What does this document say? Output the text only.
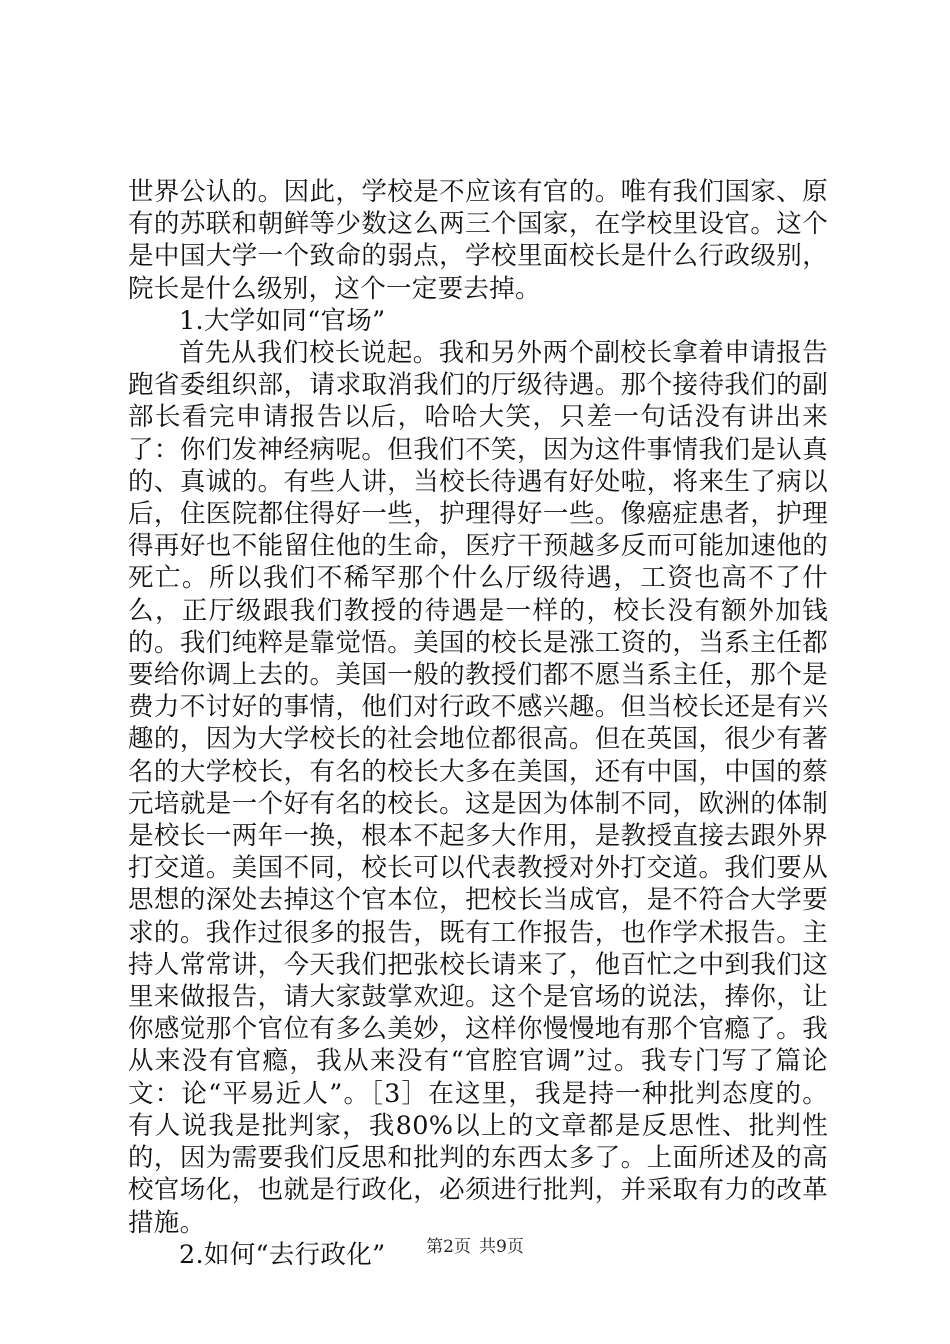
世界公认的。因此，学校是不应该有官的。唯有我们国家、原有的苏联和朝鲜等少数这么两三个国家，在学校里设官。这个是中国大学一个致命的弱点，学校里面校长是什么行政级别，院长是什么级别，这个一定要去掉。

1.大学如同“官场”

首先从我们校长说起。我和另外两个副校长拿着申请报告跑省委组织部，请求取消我们的厅级待遇。那个接待我们的副部长看完申请报告以后，哈哈大笑，只差一句话没有讲出来了：你们发神经病呢。但我们不笑，因为这件事情我们是认真的、真诚的。有些人讲，当校长待遇有好处啦，将来生了病以后，住医院都住得好一些，护理得好一些。像癌症患者，护理得再好也不能留住他的生命，医疗干预越多反而可能加速他的死亡。所以我们不稀罕那个什么厅级待遇，工资也高不了什么，正厅级跟我们教授的待遇是一样的，校长没有额外加钱的。我们纯粹是靠觉悟。美国的校长是涨工资的，当系主任都要给你调上去的。美国一般的教授们都不愿当系主任，那个是费力不讨好的事情，他们对行政不感兴趣。但当校长还是有兴趣的，因为大学校长的社会地位都很高。但在英国，很少有著名的大学校长，有名的校长大多在美国，还有中国，中国的蔡元培就是一个好有名的校长。这是因为体制不同，欧洲的体制是校长一两年一换，根本不起多大作用，是教授直接去跟外界打交道。美国不同，校长可以代表教授对外打交道。我们要从思想的深处去掉这个官本位，把校长当成官，是不符合大学要求的。我作过很多的报告，既有工作报告，也作学术报告。主持人常常讲，今天我们把张校长请来了，他百忙之中到我们这里来做报告，请大家鼓掌欢迎。这个是官场的说法，捧你，让你感觉那个官位有多么美妙，这样你慢慢地有那个官瘾了。我从来没有官瘾，我从来没有“官腔官调”过。我专门写了篇论文：论“平易近人”。［3］在这里，我是持一种批判态度的。有人说我是批判家，我80%以上的文章都是反思性、批判性的，因为需要我们反思和批判的东西太多了。上面所述及的高校官场化，也就是行政化，必须进行批判，并采取有力的改革措施。

2.如何“去行政化”	第2页 共9页
